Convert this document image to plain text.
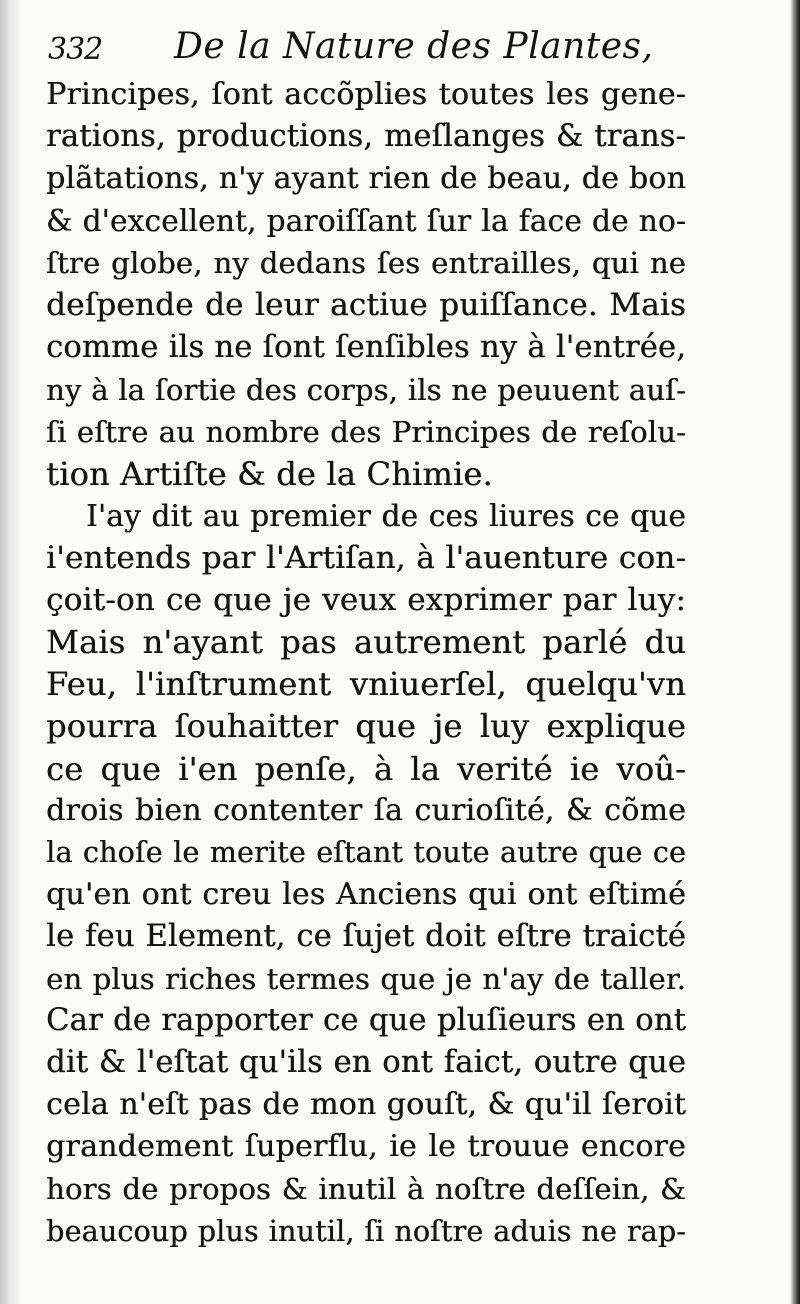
332 De la Nature des Plantes,
Principes, ſont accõplies toutes les gene-
rations, productions, meſlanges & trans-
plãtations, n'y ayant rien de beau, de bon
& d'excellent, paroiſſant ſur la face de no-
ſtre globe, ny dedans ſes entrailles, qui ne
deſpende de leur actiue puiſſance. Mais
comme ils ne ſont ſenſibles ny à l'entrée,
ny à la ſortie des corps, ils ne peuuent auſ-
ſi eſtre au nombre des Principes de reſolu-
tion Artiſte & de la Chimie.
I'ay dit au premier de ces liures ce que
i'entends par l'Artiſan, à l'auenture con-
çoit-on ce que je veux exprimer par luy:
Mais n'ayant pas autrement parlé du
Feu, l'inſtrument vniuerſel, quelqu'vn
pourra ſouhaitter que je luy explique
ce que i'en penſe, à la verité ie voû-
drois bien contenter ſa curioſité, & cõme
la choſe le merite eſtant toute autre que ce
qu'en ont creu les Anciens qui ont eſtimé
le feu Element, ce ſujet doit eſtre traicté
en plus riches termes que je n'ay de taller.
Car de rapporter ce que pluſieurs en ont
dit & l'eſtat qu'ils en ont faict, outre que
cela n'eſt pas de mon gouſt, & qu'il ſeroit
grandement ſuperflu, ie le trouue encore
hors de propos & inutil à noſtre deſſein, &
beaucoup plus inutil, ſi noſtre aduis ne rap-
